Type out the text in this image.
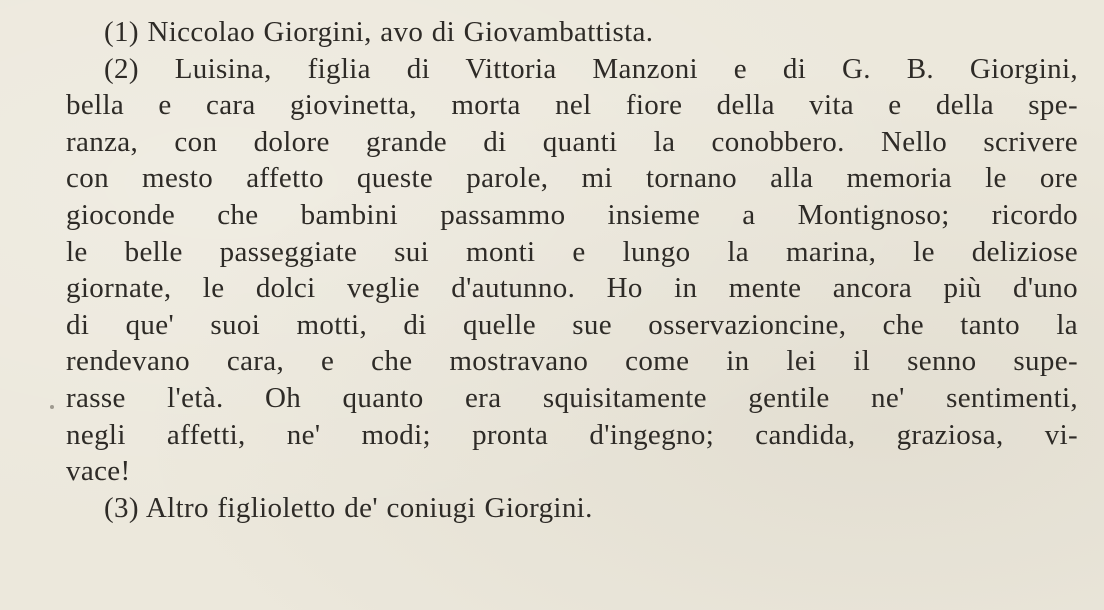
(1) Niccolao Giorgini, avo di Giovambattista.
(2) Luisina, figlia di Vittoria Manzoni e di G. B. Giorgini,
bella e cara giovinetta, morta nel fiore della vita e della spe-
ranza, con dolore grande di quanti la conobbero. Nello scrivere
con mesto affetto queste parole, mi tornano alla memoria le ore
gioconde che bambini passammo insieme a Montignoso; ricordo
le belle passeggiate sui monti e lungo la marina, le deliziose
giornate, le dolci veglie d'autunno. Ho in mente ancora più d'uno
di que' suoi motti, di quelle sue osservazioncine, che tanto la
rendevano cara, e che mostravano come in lei il senno supe-
rasse l'età. Oh quanto era squisitamente gentile ne' sentimenti,
negli affetti, ne' modi; pronta d'ingegno; candida, graziosa, vi-
vace!
(3) Altro figlioletto de' coniugi Giorgini.
